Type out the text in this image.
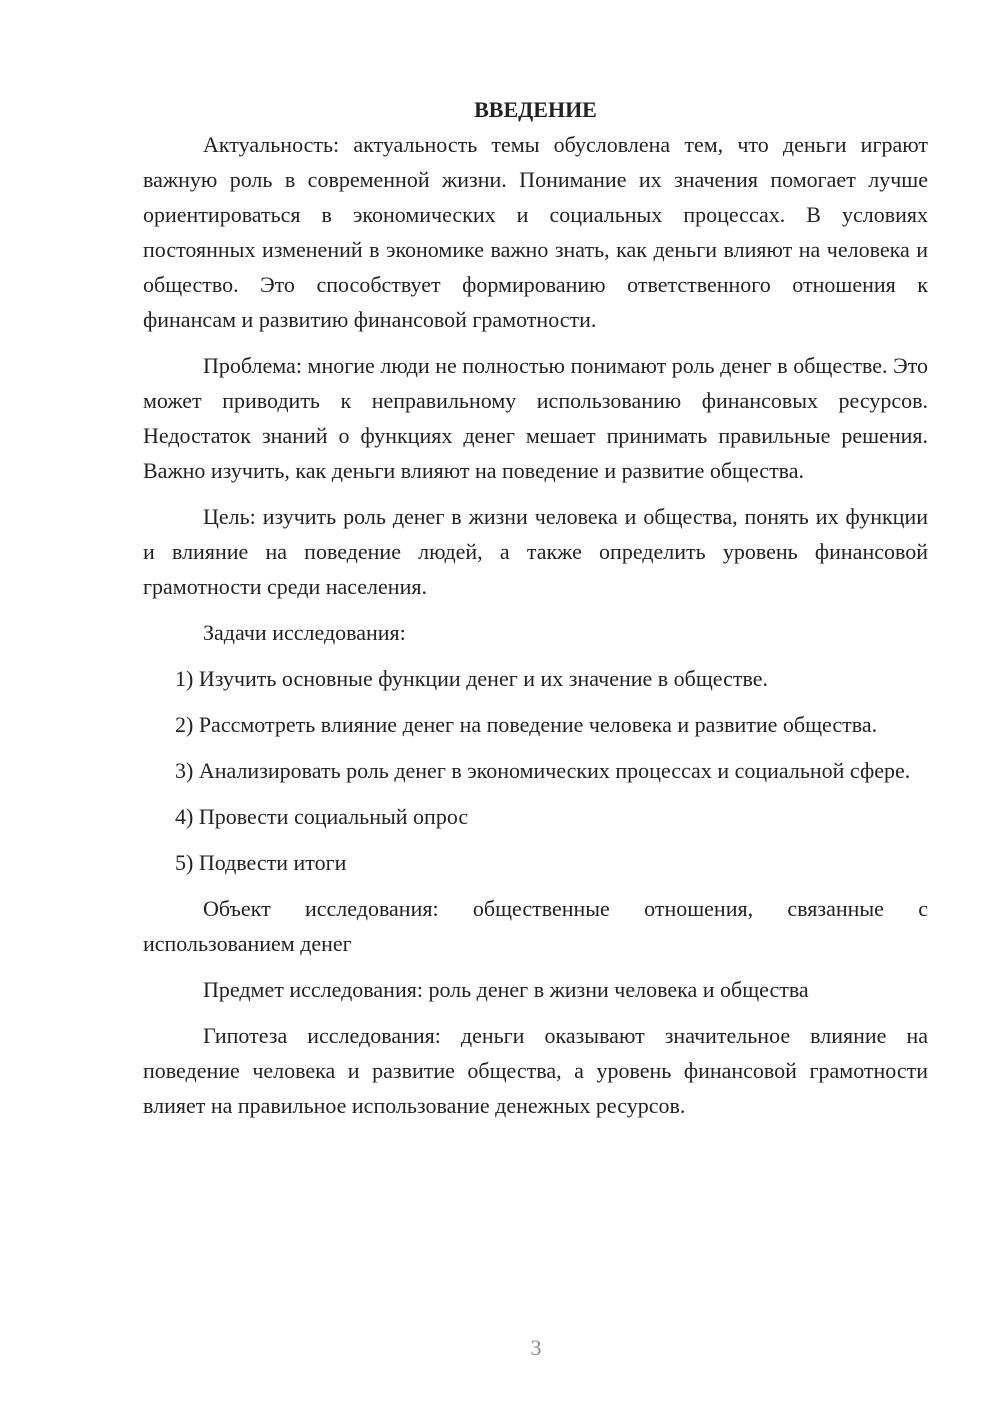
ВВЕДЕНИЕ

Актуальность: актуальность темы обусловлена тем, что деньги играют важную роль в современной жизни. Понимание их значения помогает лучше ориентироваться в экономических и социальных процессах. В условиях постоянных изменений в экономике важно знать, как деньги влияют на человека и общество. Это способствует формированию ответственного отношения к финансам и развитию финансовой грамотности.

Проблема: многие люди не полностью понимают роль денег в обществе. Это может приводить к неправильному использованию финансовых ресурсов. Недостаток знаний о функциях денег мешает принимать правильные решения. Важно изучить, как деньги влияют на поведение и развитие общества.

Цель: изучить роль денег в жизни человека и общества, понять их функции и влияние на поведение людей, а также определить уровень финансовой грамотности среди населения.

Задачи исследования:

1) Изучить основные функции денег и их значение в обществе.

2) Рассмотреть влияние денег на поведение человека и развитие общества.

3) Анализировать роль денег в экономических процессах и социальной сфере.

4) Провести социальный опрос

5) Подвести итоги

Объект исследования: общественные отношения, связанные с использованием денег

Предмет исследования: роль денег в жизни человека и общества

Гипотеза исследования: деньги оказывают значительное влияние на поведение человека и развитие общества, а уровень финансовой грамотности влияет на правильное использование денежных ресурсов.

3
